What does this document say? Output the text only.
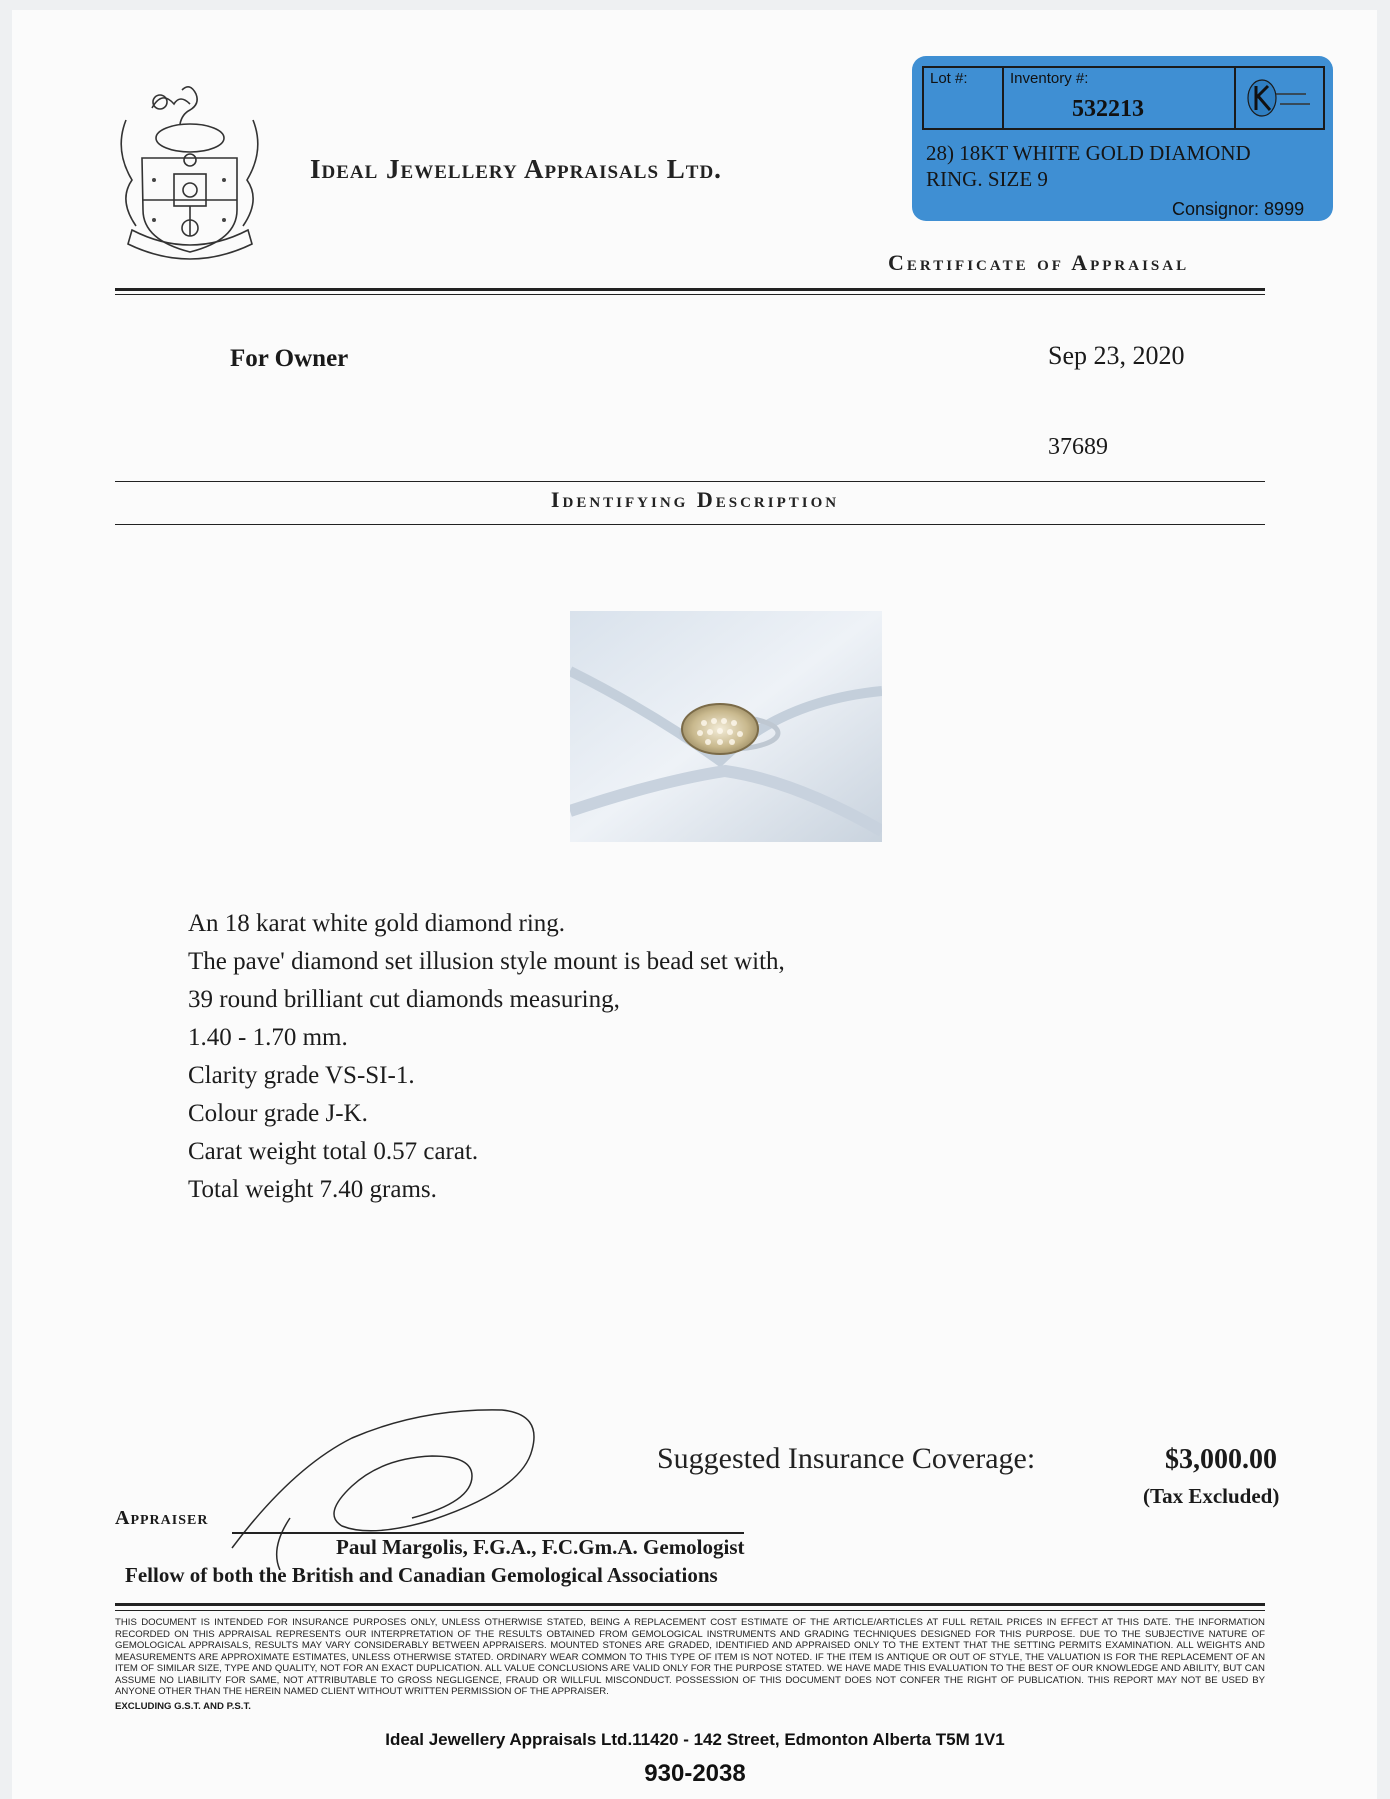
Ideal Jewellery Appraisals Ltd.
Lot #:	Inventory #:
532213
28) 18KT WHITE GOLD DIAMOND
RING. SIZE 9
Consignor: 8999
Certificate of Appraisal
For Owner	Sep 23, 2020
37689
Identifying Description
An 18 karat white gold diamond ring.
The pave' diamond set illusion style mount is bead set with,
39 round brilliant cut diamonds measuring,
1.40 - 1.70 mm.
Clarity grade VS-SI-1.
Colour grade J-K.
Carat weight total 0.57 carat.
Total weight 7.40 grams.
Suggested Insurance Coverage:	$3,000.00
(Tax Excluded)
Appraiser
Paul Margolis, F.G.A., F.C.Gm.A. Gemologist
Fellow of both the British and Canadian Gemological Associations
THIS DOCUMENT IS INTENDED FOR INSURANCE PURPOSES ONLY, UNLESS OTHERWISE STATED, BEING A REPLACEMENT COST ESTIMATE OF THE ARTICLE/ARTICLES AT FULL RETAIL PRICES IN EFFECT AT THIS DATE. THE INFORMATION RECORDED ON THIS APPRAISAL REPRESENTS OUR INTERPRETATION OF THE RESULTS OBTAINED FROM GEMOLOGICAL INSTRUMENTS AND GRADING TECHNIQUES DESIGNED FOR THIS PURPOSE. DUE TO THE SUBJECTIVE NATURE OF GEMOLOGICAL APPRAISALS, RESULTS MAY VARY CONSIDERABLY BETWEEN APPRAISERS. MOUNTED STONES ARE GRADED, IDENTIFIED AND APPRAISED ONLY TO THE EXTENT THAT THE SETTING PERMITS EXAMINATION. ALL WEIGHTS AND MEASUREMENTS ARE APPROXIMATE ESTIMATES, UNLESS OTHERWISE STATED. ORDINARY WEAR COMMON TO THIS TYPE OF ITEM IS NOT NOTED. IF THE ITEM IS ANTIQUE OR OUT OF STYLE, THE VALUATION IS FOR THE REPLACEMENT OF AN ITEM OF SIMILAR SIZE, TYPE AND QUALITY, NOT FOR AN EXACT DUPLICATION. ALL VALUE CONCLUSIONS ARE VALID ONLY FOR THE PURPOSE STATED. WE HAVE MADE THIS EVALUATION TO THE BEST OF OUR KNOWLEDGE AND ABILITY, BUT CAN ASSUME NO LIABILITY FOR SAME, NOT ATTRIBUTABLE TO GROSS NEGLIGENCE, FRAUD OR WILLFUL MISCONDUCT. POSSESSION OF THIS DOCUMENT DOES NOT CONFER THE RIGHT OF PUBLICATION. THIS REPORT MAY NOT BE USED BY ANYONE OTHER THAN THE HEREIN NAMED CLIENT WITHOUT WRITTEN PERMISSION OF THE APPRAISER.
EXCLUDING G.S.T. AND P.S.T.
Ideal Jewellery Appraisals Ltd.11420 - 142 Street, Edmonton Alberta T5M 1V1
930-2038
